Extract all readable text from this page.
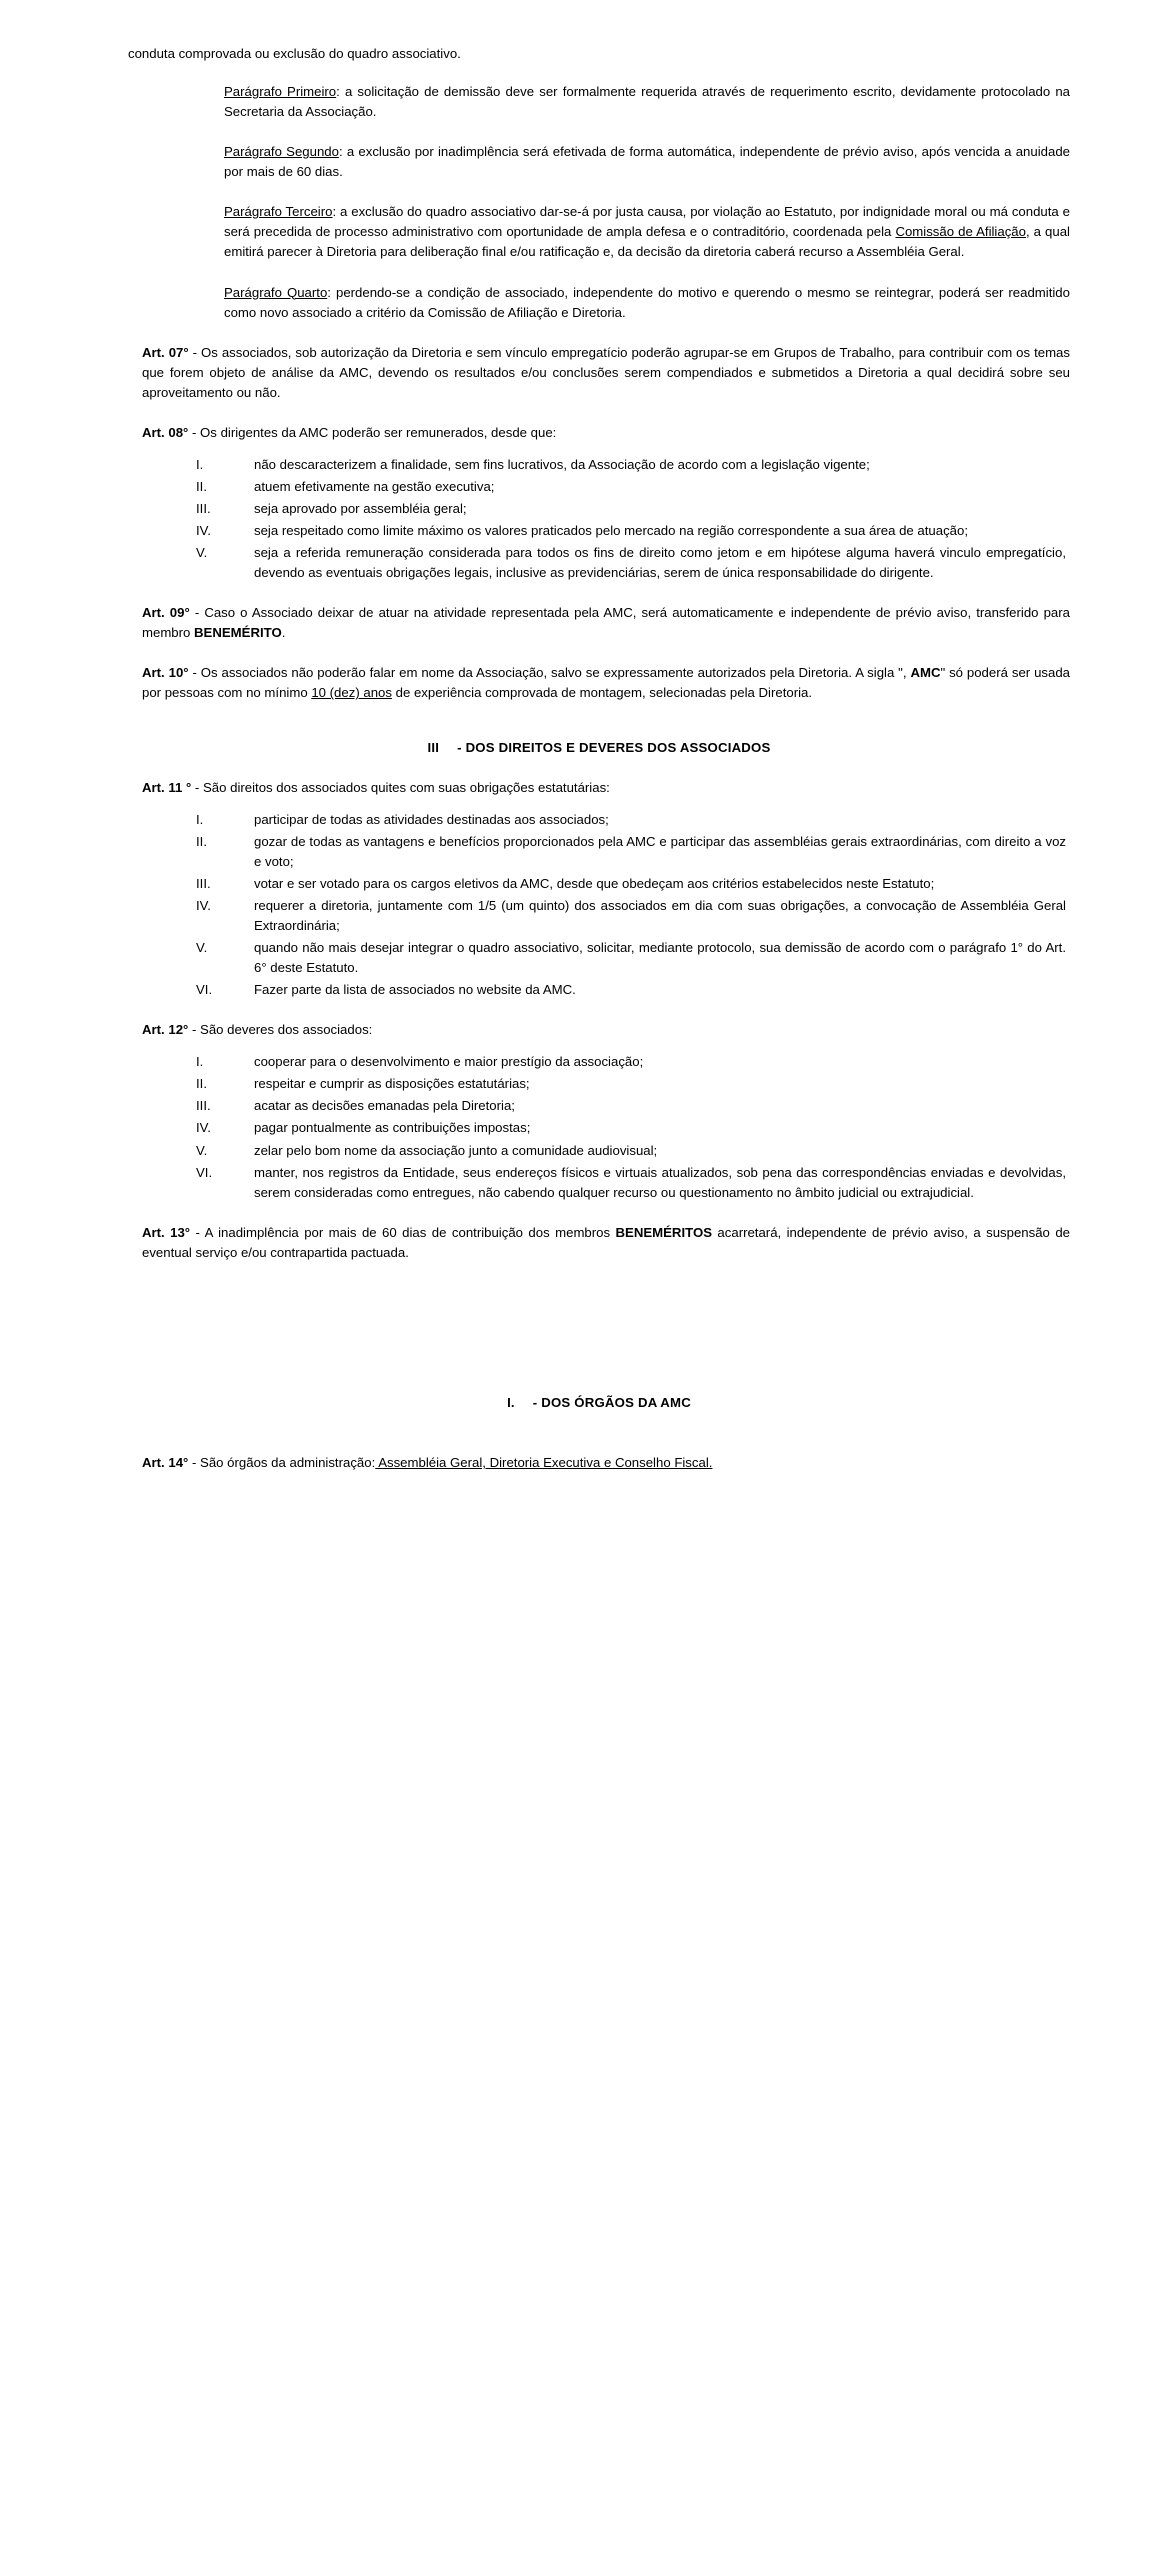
conduta comprovada ou exclusão do quadro associativo.

Parágrafo Primeiro: a solicitação de demissão deve ser formalmente requerida através de requerimento escrito, devidamente protocolado na Secretaria da Associação.
Parágrafo Segundo: a exclusão por inadimplência será efetivada de forma automática, independente de prévio aviso, após vencida a anuidade por mais de 60 dias.
Parágrafo Terceiro: a exclusão do quadro associativo dar-se-á por justa causa, por violação ao Estatuto, por indignidade moral ou má conduta e será precedida de processo administrativo com oportunidade de ampla defesa e o contraditório, coordenada pela Comissão de Afiliação, a qual emitirá parecer à Diretoria para deliberação final e/ou ratificação e, da decisão da diretoria caberá recurso a Assembléia Geral.
Parágrafo Quarto: perdendo-se a condição de associado, independente do motivo e querendo o mesmo se reintegrar, poderá ser readmitido como novo associado a critério da Comissão de Afiliação e Diretoria.

Art. 07° - Os associados, sob autorização da Diretoria e sem vínculo empregatício poderão agrupar-se em Grupos de Trabalho, para contribuir com os temas que forem objeto de análise da AMC, devendo os resultados e/ou conclusões serem compendiados e submetidos a Diretoria a qual decidirá sobre seu aproveitamento ou não.

Art. 08° - Os dirigentes da AMC poderão ser remunerados, desde que:

I.	não descaracterizem a finalidade, sem fins lucrativos, da Associação de acordo com a legislação vigente;
II.	atuem efetivamente na gestão executiva;
III.	seja aprovado por assembléia geral;
IV.	seja respeitado como limite máximo os valores praticados pelo mercado na região correspondente a sua área de atuação;
V.	seja a referida remuneração considerada para todos os fins de direito como jetom e em hipótese alguma haverá vinculo empregatício, devendo as eventuais obrigações legais, inclusive as previdenciárias, serem de única responsabilidade do dirigente.

Art. 09° - Caso o Associado deixar de atuar na atividade representada pela AMC, será automaticamente e independente de prévio aviso, transferido para membro BENEMÉRITO.

Art. 10° - Os associados não poderão falar em nome da Associação, salvo se expressamente autorizados pela Diretoria. A sigla ", AMC" só poderá ser usada por pessoas com no mínimo 10 (dez) anos de experiência comprovada de montagem, selecionadas pela Diretoria.

III - DOS DIREITOS E DEVERES DOS ASSOCIADOS

Art. 11 ° - São direitos dos associados quites com suas obrigações estatutárias:

I.	participar de todas as atividades destinadas aos associados;
II.	gozar de todas as vantagens e benefícios proporcionados pela AMC e participar das assembléias gerais extraordinárias, com direito a voz e voto;
III.	votar e ser votado para os cargos eletivos da AMC, desde que obedeçam aos critérios estabelecidos neste Estatuto;
IV.	requerer a diretoria, juntamente com 1/5 (um quinto) dos associados em dia com suas obrigações, a convocação de Assembléia Geral Extraordinária;
V.	quando não mais desejar integrar o quadro associativo, solicitar, mediante protocolo, sua demissão de acordo com o parágrafo 1° do Art. 6° deste Estatuto.
VI.	Fazer parte da lista de associados no website da AMC.

Art. 12° - São deveres dos associados:

I.	cooperar para o desenvolvimento e maior prestígio da associação;
II.	respeitar e cumprir as disposições estatutárias;
III.	acatar as decisões emanadas pela Diretoria;
IV.	pagar pontualmente as contribuições impostas;
V.	zelar pelo bom nome da associação junto a comunidade audiovisual;
VI.	manter, nos registros da Entidade, seus endereços físicos e virtuais atualizados, sob pena das correspondências enviadas e devolvidas, serem consideradas como entregues, não cabendo qualquer recurso ou questionamento no âmbito judicial ou extrajudicial.

Art. 13° - A inadimplência por mais de 60 dias de contribuição dos membros BENEMÉRITOS acarretará, independente de prévio aviso, a suspensão de eventual serviço e/ou contrapartida pactuada.

I. - DOS ÓRGÃOS DA AMC

Art. 14° - São órgãos da administração: Assembléia Geral, Diretoria Executiva e Conselho Fiscal.
